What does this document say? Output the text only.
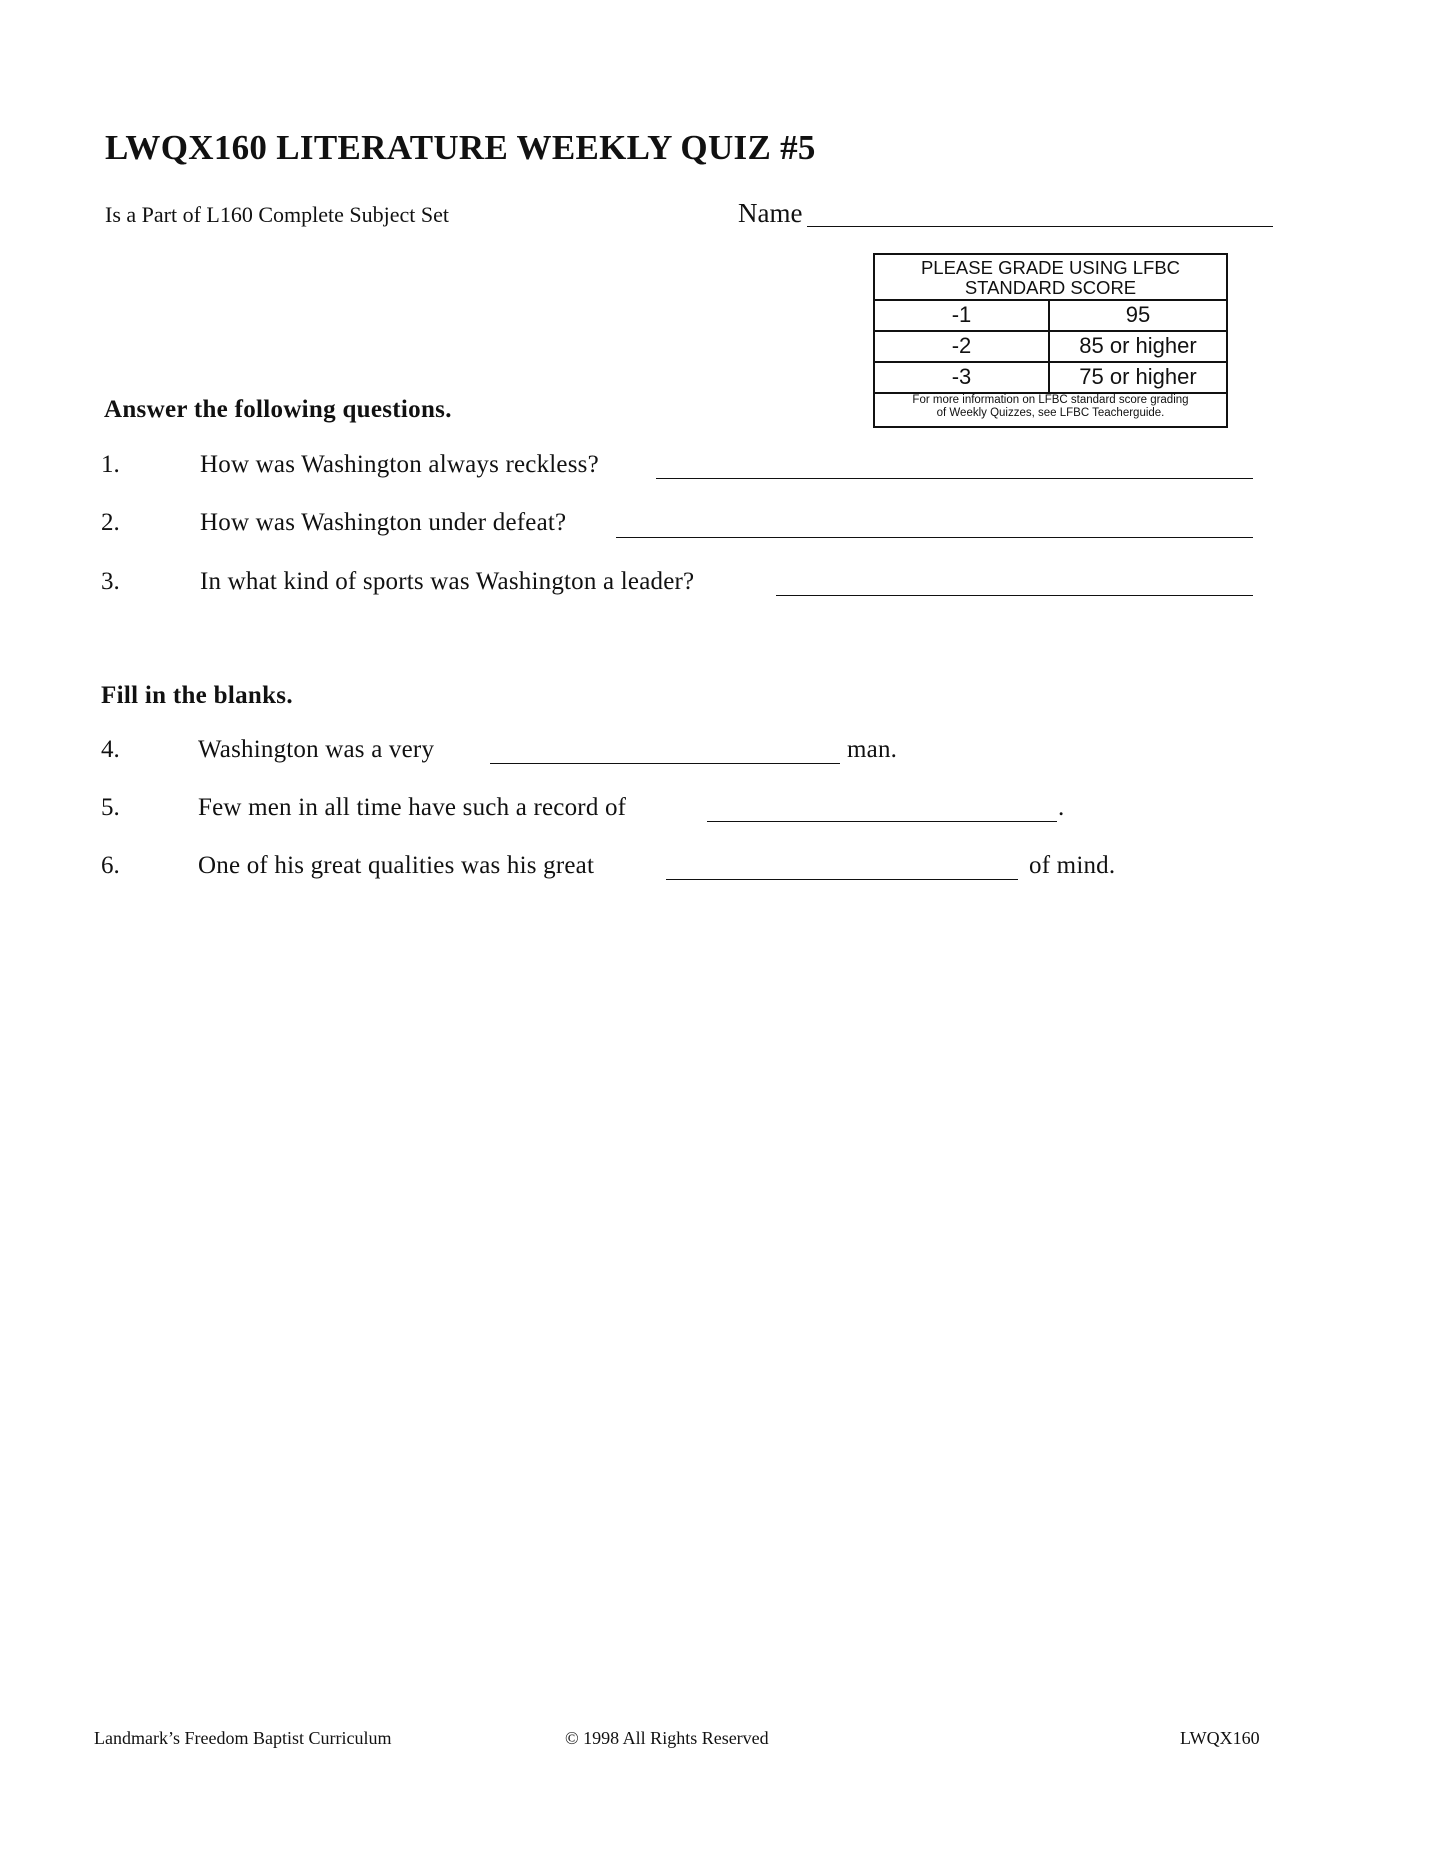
LWQX160 LITERATURE WEEKLY QUIZ #5
Is a Part of L160 Complete Subject Set	Name
PLEASE GRADE USING LFBC
STANDARD SCORE
-1	95
-2	85 or higher
-3	75 or higher
For more information on LFBC standard score grading
of Weekly Quizzes, see LFBC Teacherguide.
Answer the following questions.
1.	How was Washington always reckless?
2.	How was Washington under defeat?
3.	In what kind of sports was Washington a leader?
Fill in the blanks.
4.	Washington was a very	man.
5.	Few men in all time have such a record of	.
6.	One of his great qualities was his great	of mind.
Landmark’s Freedom Baptist Curriculum	© 1998 All Rights Reserved	LWQX160
